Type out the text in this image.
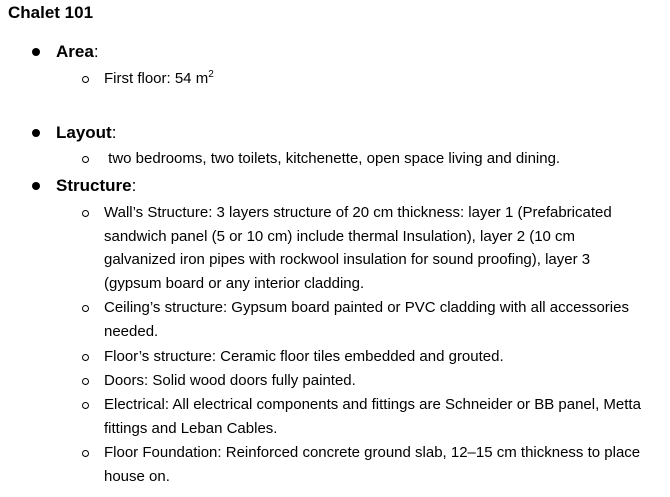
Chalet 101
Area:
First floor: 54 $m^2$
Layout:
two bedrooms, two toilets, kitchenette, open space living and dining.
Structure:
Wall’s Structure: 3 layers structure of 20 cm thickness: layer 1 (Prefabricated sandwich panel (5 or 10 cm) include thermal Insulation), layer 2 (10 cm galvanized iron pipes with rockwool insulation for sound proofing), layer 3 (gypsum board or any interior cladding.
Ceiling’s structure: Gypsum board painted or PVC cladding with all accessories needed.
Floor’s structure: Ceramic floor tiles embedded and grouted.
Doors: Solid wood doors fully painted.
Electrical: All electrical components and fittings are Schneider or BB panel, Metta fittings and Leban Cables.
Floor Foundation: Reinforced concrete ground slab, 12–15 cm thickness to place house on.
